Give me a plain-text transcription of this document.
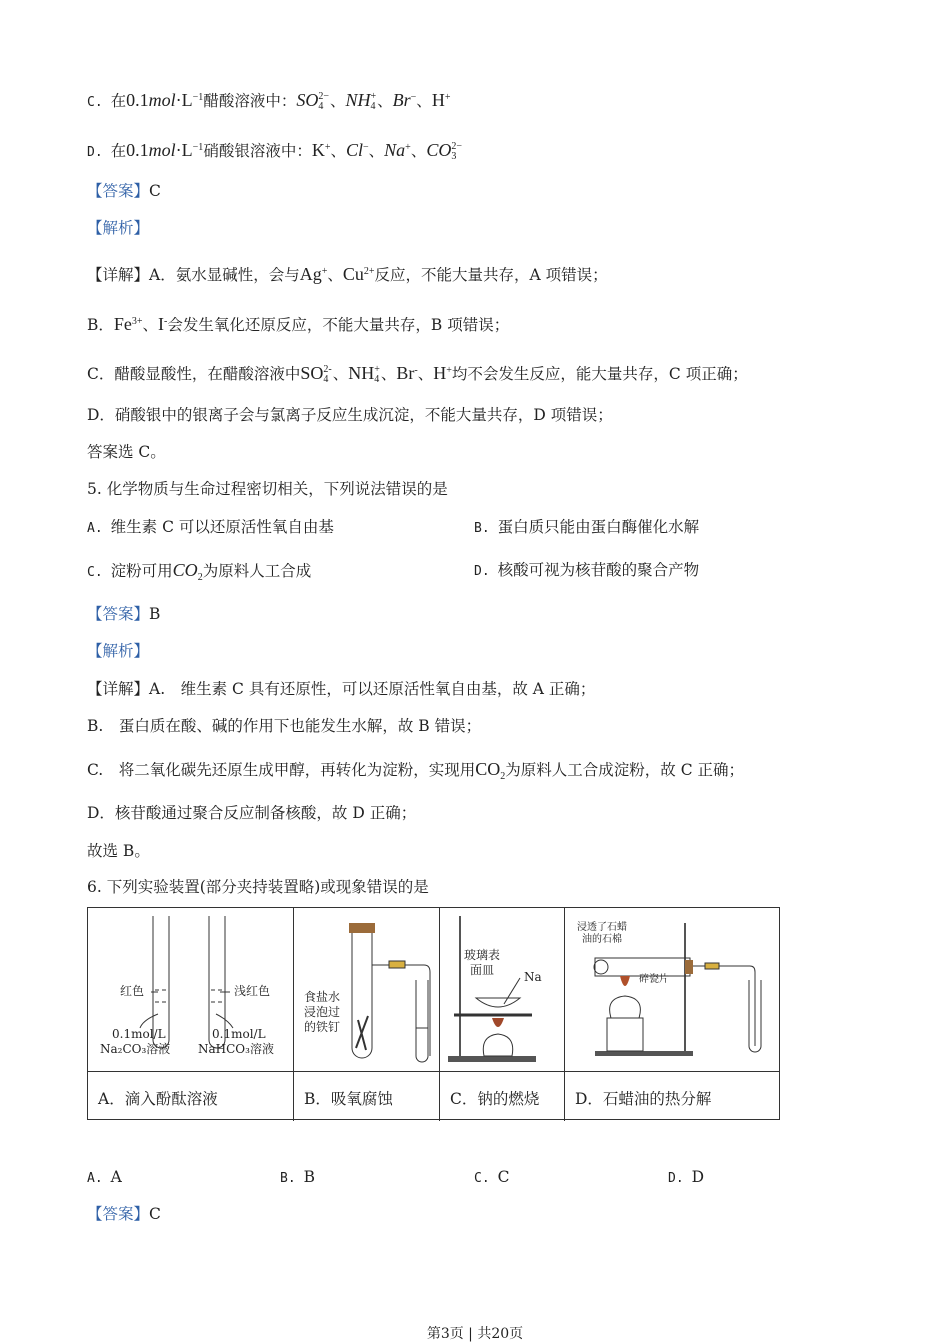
C. 在$0.1mol\cdot L^{-1}$醋酸溶液中：SO 2−
4 、NH +
4 、Br−、H+
D. 在$0.1mol\cdot L^{-1}$硝酸银溶液中：K+、Cl−、Na+、CO 2−
3
【答案】C
【解析】
【详解】A．氨水显碱性，会与Ag+、$Cu^{2+}$反应，不能大量共存，A 项错误；
B．$Fe^{3+}$、I-会发生氧化还原反应，不能大量共存，B 项错误；
C．醋酸显酸性，在醋酸溶液中SO 2-
4 、NH +
4 、Br-、H+均不会发生反应，能大量共存，C 项正确；
D．硝酸银中的银离子会与氯离子反应生成沉淀，不能大量共存，D 项错误；
答案选 C。
5. 化学物质与生命过程密切相关，下列说法错误的是
A. 维生素 C 可以还原活性氧自由基	B. 蛋白质只能由蛋白酶催化水解
C. 淀粉可用$CO_2$为原料人工合成	D. 核酸可视为核苷酸的聚合产物
【答案】B
【解析】
【详解】A.　维生素 C 具有还原性，可以还原活性氧自由基，故 A 正确；
B.　蛋白质在酸、碱的作用下也能发生水解，故 B 错误；
C.　将二氧化碳先还原生成甲醇，再转化为淀粉，实现用$CO_2$为原料人工合成淀粉，故 C 正确；
D．核苷酸通过聚合反应制备核酸，故 D 正确；
故选 B。
6. 下列实验装置(部分夹持装置略)或现象错误的是
红色	浅红色
0.1mol/L
Na₂CO₃溶液
0.1mol/L
NaHCO₃溶液
A．滴入酚酞溶液
食盐水
浸泡过
的铁钉
B．吸氧腐蚀
玻璃表
面皿	Na
C．钠的燃烧
浸透了石蜡
油的石棉
碎瓷片
D．石蜡油的热分解
A. A	B. B	C. C	D. D
【答案】C
第3页 | 共20页
